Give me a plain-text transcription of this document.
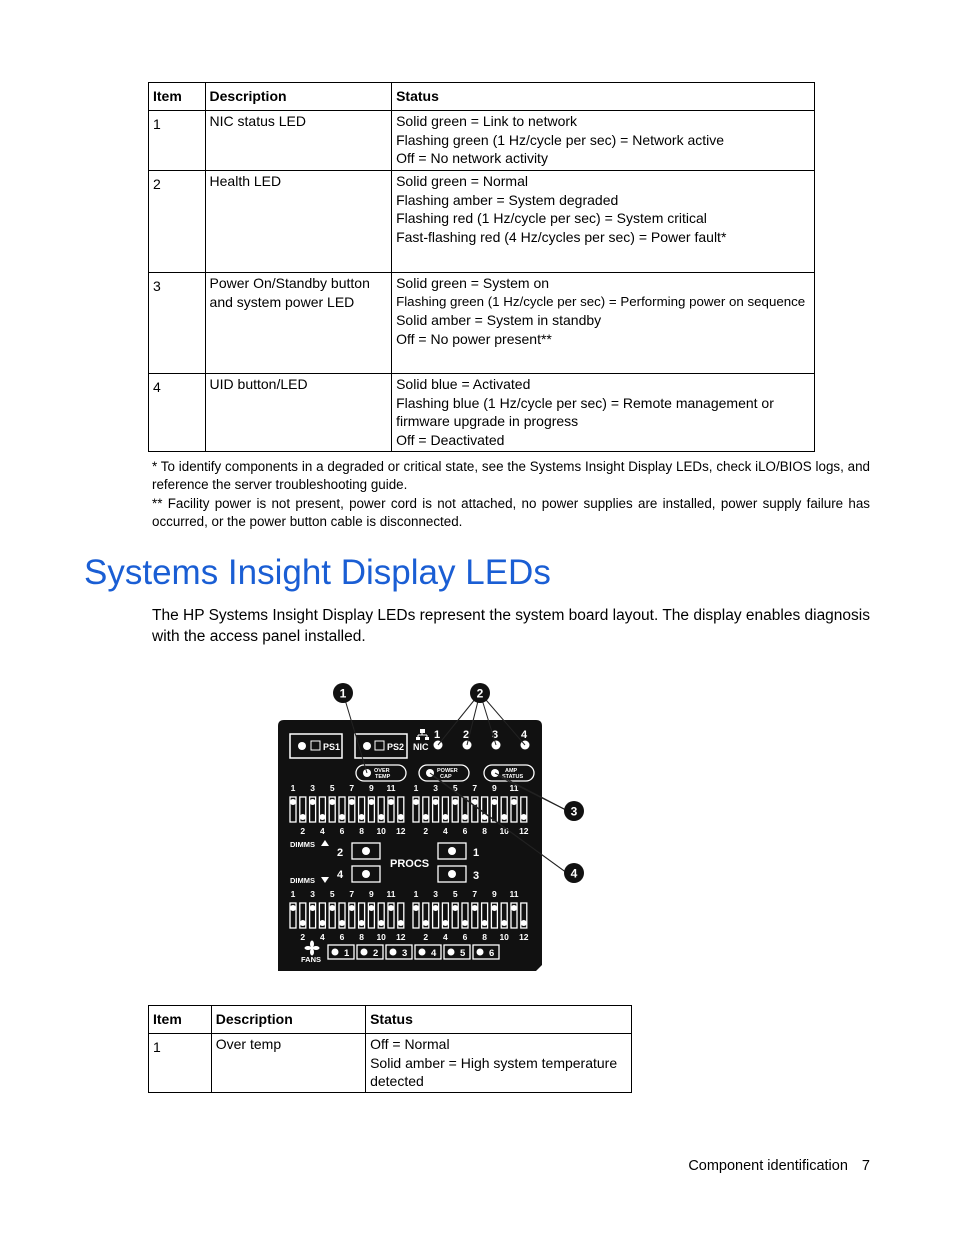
Item	Description	Status
1	NIC status LED	Solid green = Link to network
Flashing green (1 Hz/cycle per sec) = Network active
Off = No network activity

2	Health LED	Solid green = Normal
Flashing amber = System degraded
Flashing red (1 Hz/cycle per sec) = System critical
Fast-flashing red (4 Hz/cycles per sec) = Power fault*

3	Power On/Standby button
and system power LED	Solid green = System on
Flashing green (1 Hz/cycle per sec) = Performing power on sequence
Solid amber = System in standby
Off = No power present**

4	UID button/LED	Solid blue = Activated
Flashing blue (1 Hz/cycle per sec) = Remote management or
firmware upgrade in progress
Off = Deactivated

* To identify components in a degraded or critical state, see the Systems Insight Display LEDs, check iLO/BIOS logs, and reference the server troubleshooting guide.

** Facility power is not present, power cord is not attached, no power supplies are installed, power supply failure has occurred, or the power button cable is disconnected.

Systems Insight Display LEDs

The HP Systems Insight Display LEDs represent the system board layout. The display enables diagnosis with the access panel installed.

PS1	PS2 NIC
1 2 3 4
OVER
TEMP
POWER
CAP
AMP
STATUS
1 3 5 7 9 11
2 4 6 8 10 12
1 3 5 7 9 11
2 4 6 8 10 12
1 3 5 7 9 11
2 4 6 8 10 12
1 3 5 7 9 11
2 4 6 8 10 12
DIMMS
DIMMS
PROCS
2	1
4	3
FANS
1 2 3 4 5 6
1	2
3
4
Item	Description	Status
1	Over temp	Off = Normal
Solid amber = High system temperature
detected
Component identification 7
